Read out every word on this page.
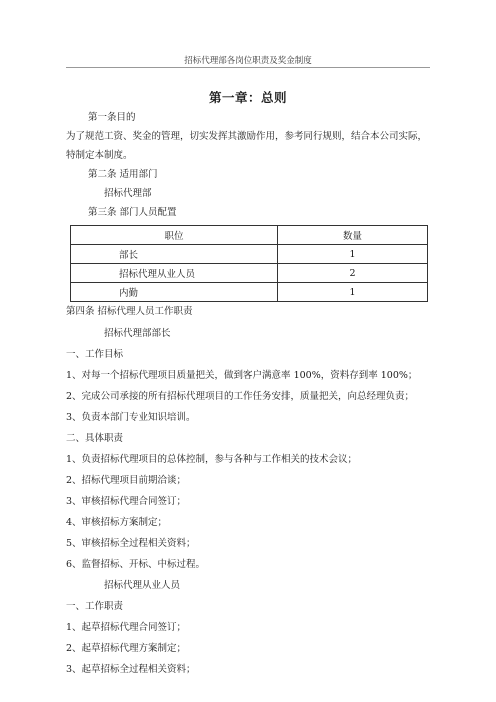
招标代理部各岗位职责及奖金制度
第一章：总则
第一条目的
为了规范工资、奖金的管理，切实发挥其激励作用，参考同行规则，结合本公司实际，
特制定本制度。
第二条 适用部门
招标代理部
第三条 部门人员配置
职位	数量
部长	1
招标代理从业人员	2
内勤	1
第四条 招标代理人员工作职责
招标代理部部长
一、工作目标
1、对每一个招标代理项目质量把关，做到客户满意率 100%，资料存到率 100%；
2、完成公司承接的所有招标代理项目的工作任务安排，质量把关，向总经理负责；
3、负责本部门专业知识培训。
二、具体职责
1、负责招标代理项目的总体控制，参与各种与工作相关的技术会议；
2、招标代理项目前期洽谈；
3、审核招标代理合同签订；
4、审核招标方案制定；
5、审核招标全过程相关资料；
6、监督招标、开标、中标过程。
招标代理从业人员
一、工作职责
1、起草招标代理合同签订；
2、起草招标代理方案制定；
3、起草招标全过程相关资料；
